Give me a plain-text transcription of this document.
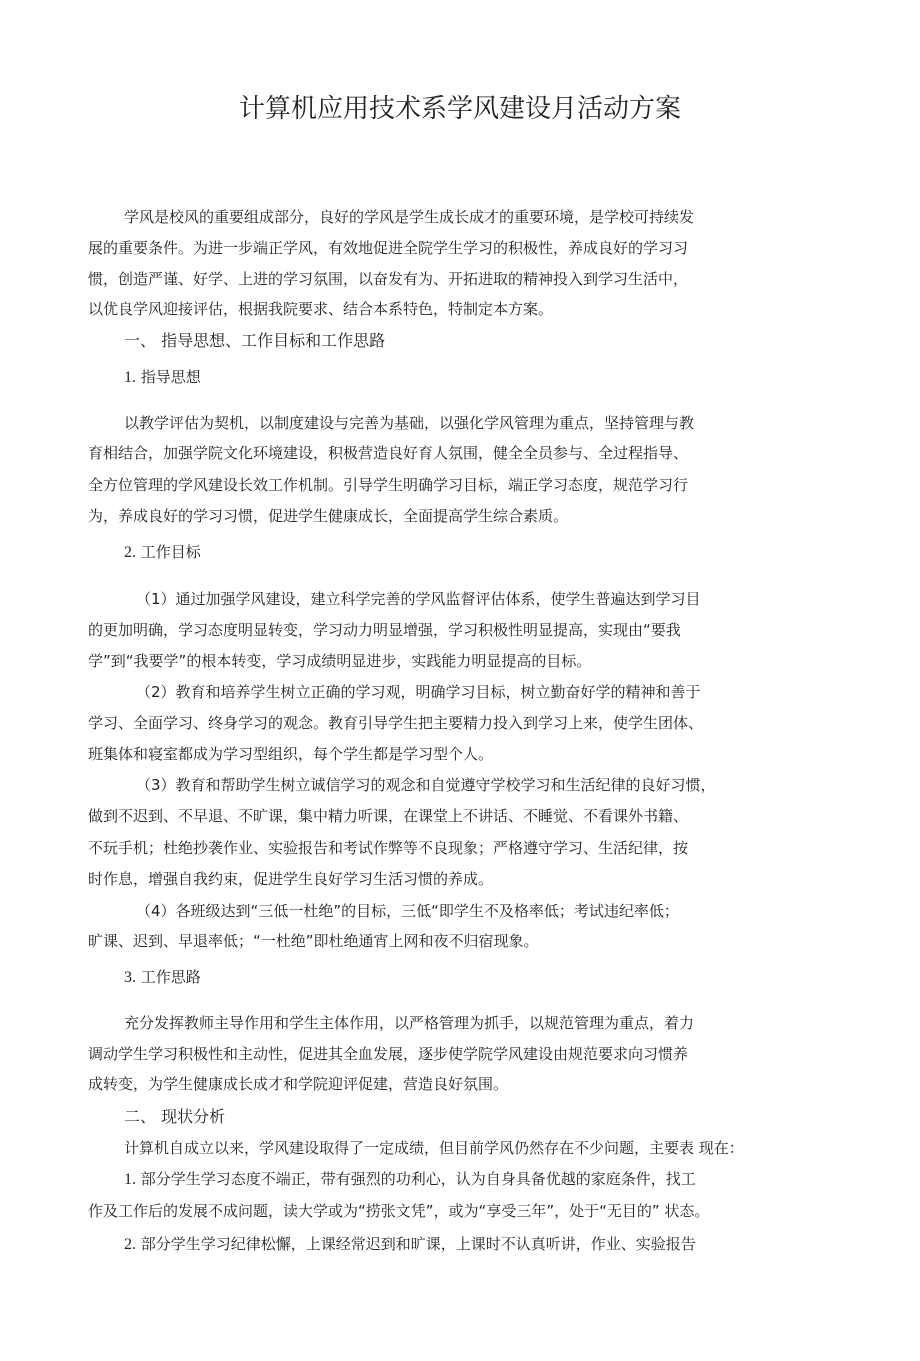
计算机应用技术系学风建设月活动方案

学风是校风的重要组成部分，良好的学风是学生成长成才的重要环境，是学校可持续发

展的重要条件。为进一步端正学风，有效地促进全院学生学习的积极性，养成良好的学习习

惯，创造严谨、好学、上进的学习氛围，以奋发有为、开拓进取的精神投入到学习生活中，

以优良学风迎接评估，根据我院要求、结合本系特色，特制定本方案。

一、 指导思想、工作目标和工作思路

1. 指导思想

以教学评估为契机，以制度建设与完善为基础，以强化学风管理为重点，坚持管理与教

育相结合，加强学院文化环境建设，积极营造良好育人氛围，健全全员参与、全过程指导、

全方位管理的学风建设长效工作机制。引导学生明确学习目标，端正学习态度，规范学习行

为，养成良好的学习习惯，促进学生健康成长，全面提高学生综合素质。

2. 工作目标

（1）通过加强学风建设，建立科学完善的学风监督评估体系，使学生普遍达到学习目

的更加明确，学习态度明显转变，学习动力明显增强，学习积极性明显提高，实现由“要我

学”到“我要学”的根本转变，学习成绩明显进步，实践能力明显提高的目标。

（2）教育和培养学生树立正确的学习观，明确学习目标，树立勤奋好学的精神和善于

学习、全面学习、终身学习的观念。教育引导学生把主要精力投入到学习上来，使学生团体、

班集体和寝室都成为学习型组织，每个学生都是学习型个人。

（3）教育和帮助学生树立诚信学习的观念和自觉遵守学校学习和生活纪律的良好习惯，

做到不迟到、不早退、不旷课，集中精力听课，在课堂上不讲话、不睡觉、不看课外书籍、

不玩手机；杜绝抄袭作业、实验报告和考试作弊等不良现象；严格遵守学习、生活纪律，按

时作息，增强自我约束，促进学生良好学习生活习惯的养成。

（4）各班级达到“三低一杜绝”的目标，三低“即学生不及格率低；考试违纪率低；

旷课、迟到、早退率低；“一杜绝”即杜绝通宵上网和夜不归宿现象。

3. 工作思路

充分发挥教师主导作用和学生主体作用，以严格管理为抓手，以规范管理为重点，着力

调动学生学习积极性和主动性，促进其全血发展，逐步使学院学风建设由规范要求向习惯养

成转变，为学生健康成长成才和学院迎评促建，营造良好氛围。

二、 现状分析

计算机自成立以来，学风建设取得了一定成绩，但目前学风仍然存在不少问题，主要表 现在：

1. 部分学生学习态度不端正，带有强烈的功利心，认为自身具备优越的家庭条件，找工

作及工作后的发展不成问题，读大学或为“捞张文凭”，或为“享受三年”，处于“无目的” 状态。

2. 部分学生学习纪律松懈，上课经常迟到和旷课，上课时不认真听讲，作业、实验报告
